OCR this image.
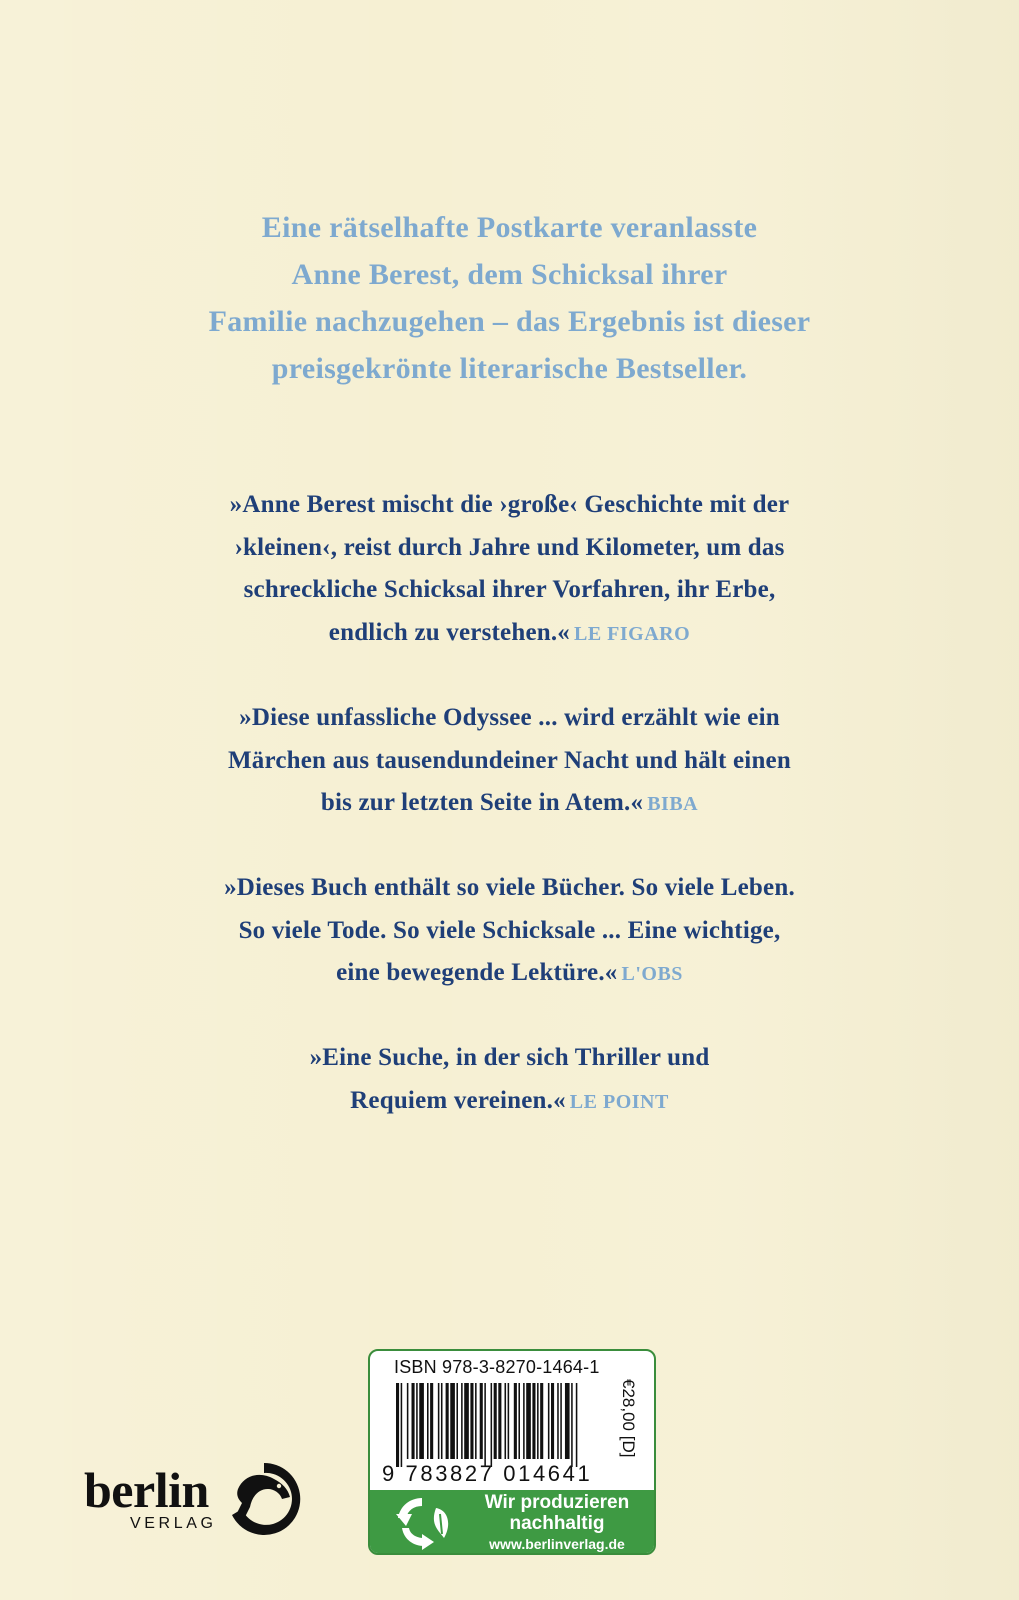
Eine rätselhafte Postkarte veranlasste
Anne Berest, dem Schicksal ihrer
Familie nachzugehen – das Ergebnis ist dieser
preisgekrönte literarische Bestseller.
»Anne Berest mischt die ›große‹ Geschichte mit der
›kleinen‹, reist durch Jahre und Kilometer, um das
schreckliche Schicksal ihrer Vorfahren, ihr Erbe,
endlich zu verstehen.« LE FIGARO
»Diese unfassliche Odyssee ... wird erzählt wie ein
Märchen aus tausendundeiner Nacht und hält einen
bis zur letzten Seite in Atem.« BIBA
»Dieses Buch enthält so viele Bücher. So viele Leben.
So viele Tode. So viele Schicksale ... Eine wichtige,
eine bewegende Lektüre.« L'OBS
»Eine Suche, in der sich Thriller und
Requiem vereinen.« LE POINT
ISBN 978-3-8270-1464-1
9 783827 014641
€28,00 [D]
Wir produzieren
nachhaltig
www.berlinverlag.de
berlin
VERLAG
